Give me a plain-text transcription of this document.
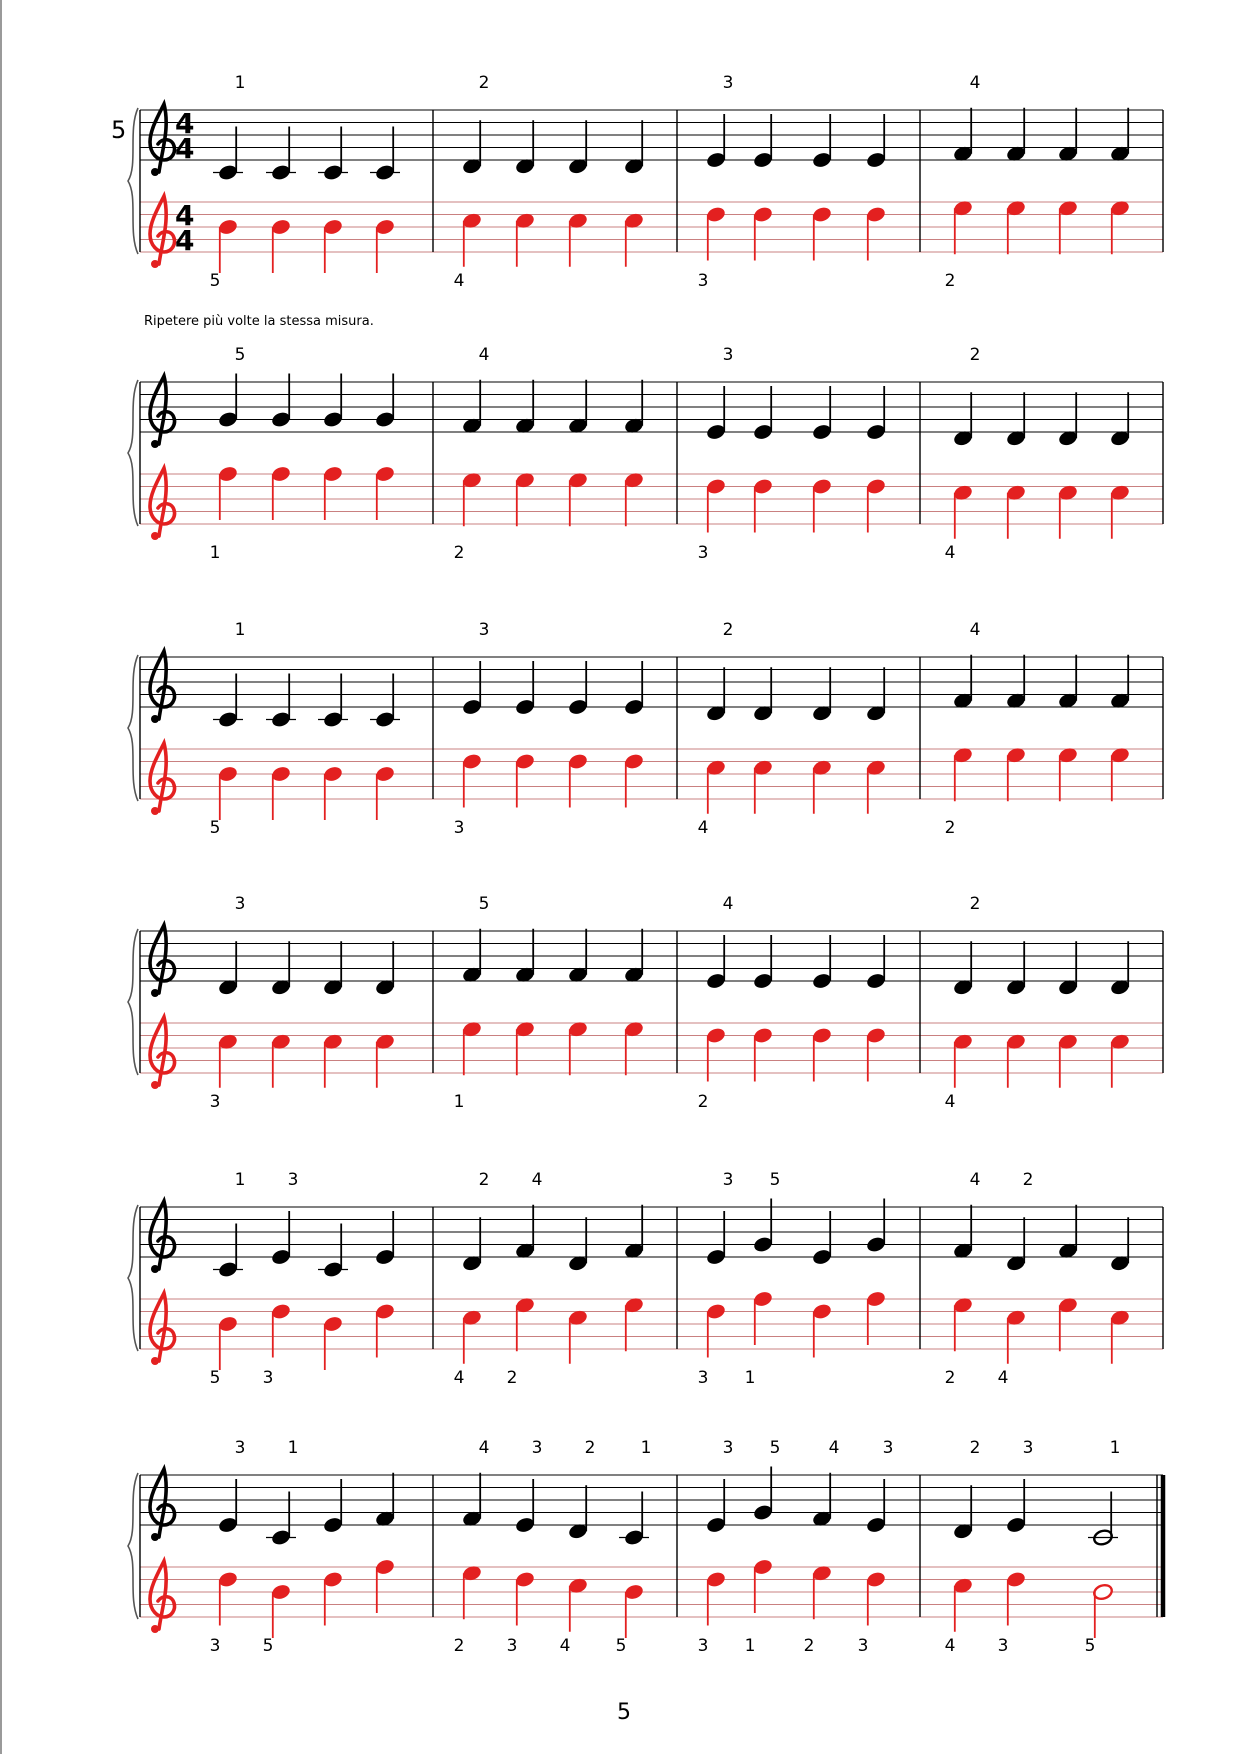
5 4
4
4
4
1
5
2
4
3
3
4
2
5
1
4
2
3
3
2
4
1
5
3
3
2
4
4
2
3
3
5
1
4
2
2
4
1 3
5 3
2 4
4 2
3 5
3 1
4 2
2 4
3 1
3 5
4 3 2	1
2 3 4	5
3 5	4	3
3 1	2	3
2 3	1
4 3	5
Ripetere più volte la stessa misura.
5
